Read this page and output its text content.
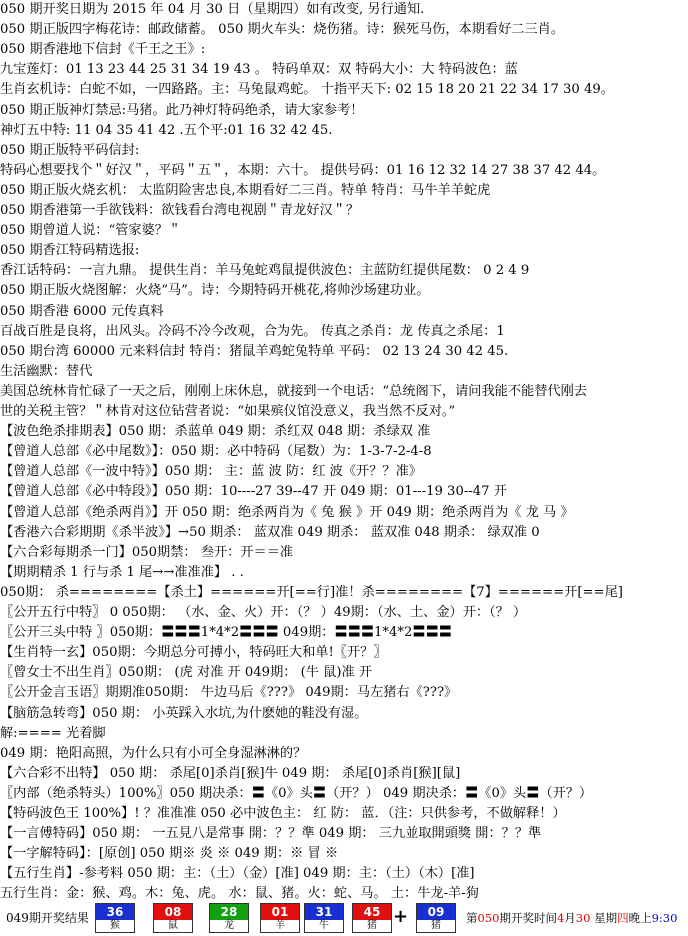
050 期开奖日期为 2015 年 04 月 30 日（星期四）如有改变, 另行通知.
050 期正版四字梅花诗：邮政储蓄。 050 期火车头：烧伤猪。诗：猴死马伤，本期看好二三肖。
050 期香港地下信封《千王之王》:
九宝莲灯：01 13 23 44 25 31 34 19 43 。 特码单双：双 特码大小：大 特码波色：蓝
生肖玄机诗：白蛇不如，一四路路。主：马兔鼠鸡蛇。 十指平天下: 02 15 18 20 21 22 34 17 30 49。
050 期正版神灯禁忌:马猪。此乃神灯特码绝杀，请大家参考！
神灯五中特: 11 04 35 41 42 .五个平:01 16 32 42 45.
050 期正版特平码信封:
特码心想要找个＂好汉＂，平码＂五＂，本期：六十。 提供号码：01 16 12 32 14 27 38 37 42 44。
050 期正版火烧玄机： 太监阴险害忠良,本期看好二三肖。特单 特肖：马牛羊羊蛇虎
050 期香港第一手欲钱料：欲钱看台湾电视剧＂青龙好汉＂？
050 期曾道人说：“管家婆？＂
050 期香江特码精选报:
香江话特码：一言九鼎。 提供生肖：羊马兔蛇鸡鼠提供波色：主蓝防红提供尾数： 0 2 4 9
050 期正版火烧图解：火烧“马”。诗：今期特码开桃花,将帅沙场建功业。
050 期香港 6000 元传真料
百战百胜是良将，出风头。冷码不冷今改观，合为先。 传真之杀肖：龙 传真之杀尾：1
050 期台湾 60000 元来料信封 特肖：猪鼠羊鸡蛇兔特单 平码： 02 13 24 30 42 45.
生活幽默：替代
美国总统林肯忙碌了一天之后，刚刚上床休息，就接到一个电话：“总统阁下，请问我能不能替代刚去
世的关税主管？＂林肯对这位钻营者说：“如果殡仪馆没意义，我当然不反对。”
【波色绝杀排期表】050 期：杀蓝单 049 期：杀红双 048 期：杀绿双 准
【曾道人总部《必中尾数》】：050 期：必中特码（尾数）为：1-3-7-2-4-8
【曾道人总部《一波中特》】050 期： 主：蓝 波 防：红 波《开？？准》
【曾道人总部《必中特段》】050 期：10----27 39--47 开 049 期：01---19 30--47 开
【曾道人总部《绝杀两肖》】开 050 期：绝杀两肖为《 兔 猴 》开 049 期：绝杀两肖为《 龙 马 》
【香港六合彩期期《杀半波》】→50 期杀： 蓝双准 049 期杀： 蓝双准 048 期杀： 绿双准 0
【六合彩每期杀一门】050期禁： 叁开：开＝＝准
【期期精杀 1 行与杀 1 尾→→准准准】 . .
050期： 杀========【杀土】======开[==行]准！杀========【7】======开[==尾]
〖公开五行中特〗 0 050期： （水、金、火）开：（？ ）49期：（水、土、金）开：（？ ）
〖公开三头中特 〗050期：〓〓〓1*4*2〓〓〓 049期：〓〓〓1*4*2〓〓〓
【生肖特一玄】050期：今期总分可搏小，特码旺大和单!〖开？〗
〖曾女士不出生肖〗050期： (虎 对准 开 049期： (牛 鼠)准 开
〖公开金言玉语〗期期准050期： 牛边马后《???》 049期：马左猪右《???》
【脑筋急转弯】050 期： 小英踩入水坑,为什麽她的鞋没有湿。
解:==== 光着脚
049 期：艳阳高照，为什么只有小可全身湿淋淋的？
【六合彩不出特】 050 期： 杀尾[0]杀肖[猴]牛 049 期： 杀尾[0]杀肖[猴][鼠]
〖内部（绝杀特头）100%〗050 期决杀：〓《0》头〓（开？） 049 期决杀：〓《0》头〓（开？）
【特码波色王 100%】! ？准准准 050 必中波色主： 红 防： 蓝．（注：只供参考，不做解释！）
【一言傅特码】050 期： 一五見八是常事 開：？？準 049 期： 三九並取開頭獎 開：？？準
【一字解特码】：[原创] 050 期※ 炎 ※ 049 期：※ 冒 ※
【五行生肖】-参考料 050 期：主：（土）（金）[准] 049 期：主：（土）（木）[准]
五行生肖：金：猴、鸡。木：兔、虎。 水：鼠、猪。火：蛇、马。 土：牛龙-羊-狗
049期开奖结果	36
猴
08
鼠
28
龙
01
羊
31
牛
45
猪 +	09
猪
第050期开奖时间4月30 星期四晚上9:30
